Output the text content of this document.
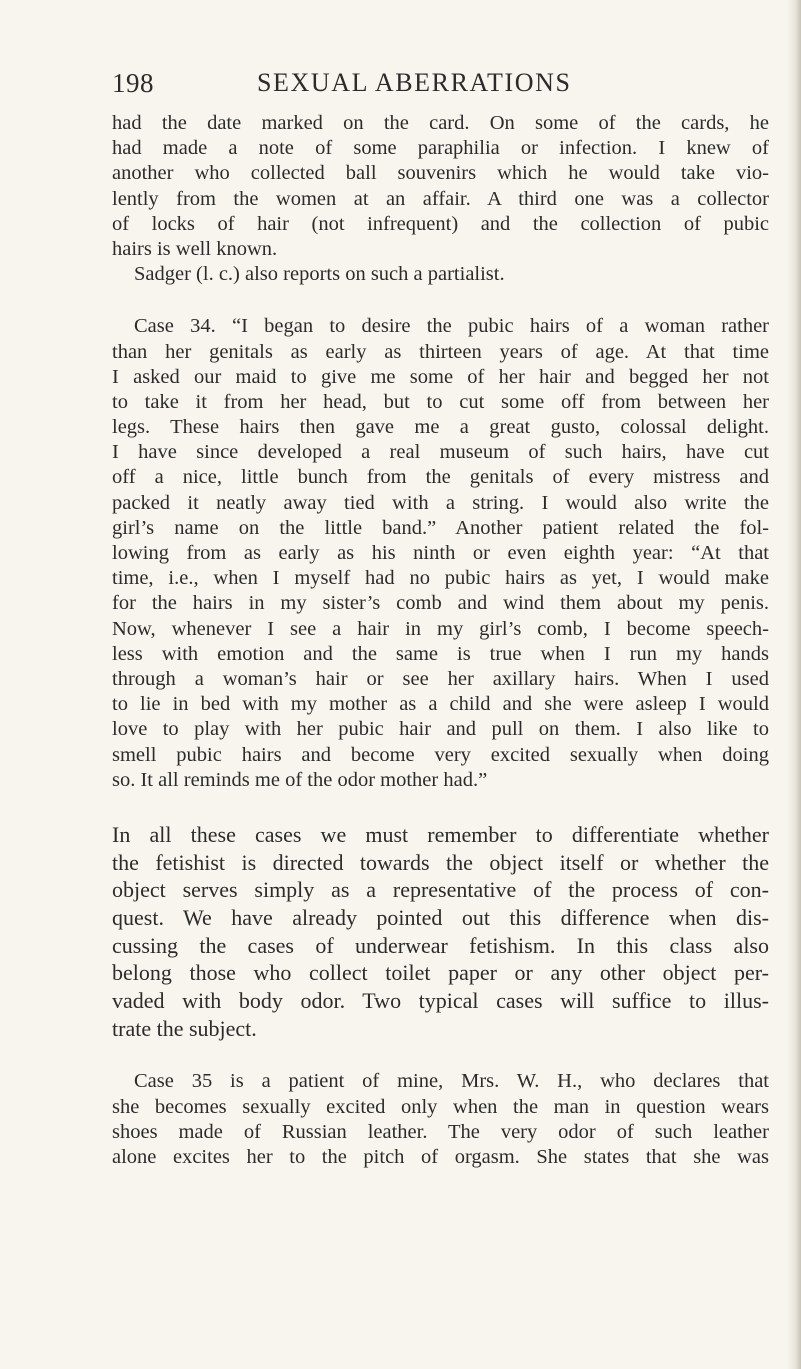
198	SEXUAL ABERRATIONS
had the date marked on the card. On some of the cards, he
had made a note of some paraphilia or infection. I knew of
another who collected ball souvenirs which he would take vio-
lently from the women at an affair. A third one was a collector
of locks of hair (not infrequent) and the collection of pubic
hairs is well known.
Sadger (l. c.) also reports on such a partialist.
Case 34. “I began to desire the pubic hairs of a woman rather
than her genitals as early as thirteen years of age. At that time
I asked our maid to give me some of her hair and begged her not
to take it from her head, but to cut some off from between her
legs. These hairs then gave me a great gusto, colossal delight.
I have since developed a real museum of such hairs, have cut
off a nice, little bunch from the genitals of every mistress and
packed it neatly away tied with a string. I would also write the
girl’s name on the little band.” Another patient related the fol-
lowing from as early as his ninth or even eighth year: “At that
time, i.e., when I myself had no pubic hairs as yet, I would make
for the hairs in my sister’s comb and wind them about my penis.
Now, whenever I see a hair in my girl’s comb, I become speech-
less with emotion and the same is true when I run my hands
through a woman’s hair or see her axillary hairs. When I used
to lie in bed with my mother as a child and she were asleep I would
love to play with her pubic hair and pull on them. I also like to
smell pubic hairs and become very excited sexually when doing
so. It all reminds me of the odor mother had.”
In all these cases we must remember to differentiate whether
the fetishist is directed towards the object itself or whether the
object serves simply as a representative of the process of con-
quest. We have already pointed out this difference when dis-
cussing the cases of underwear fetishism. In this class also
belong those who collect toilet paper or any other object per-
vaded with body odor. Two typical cases will suffice to illus-
trate the subject.
Case 35 is a patient of mine, Mrs. W. H., who declares that
she becomes sexually excited only when the man in question wears
shoes made of Russian leather. The very odor of such leather
alone excites her to the pitch of orgasm. She states that she was
